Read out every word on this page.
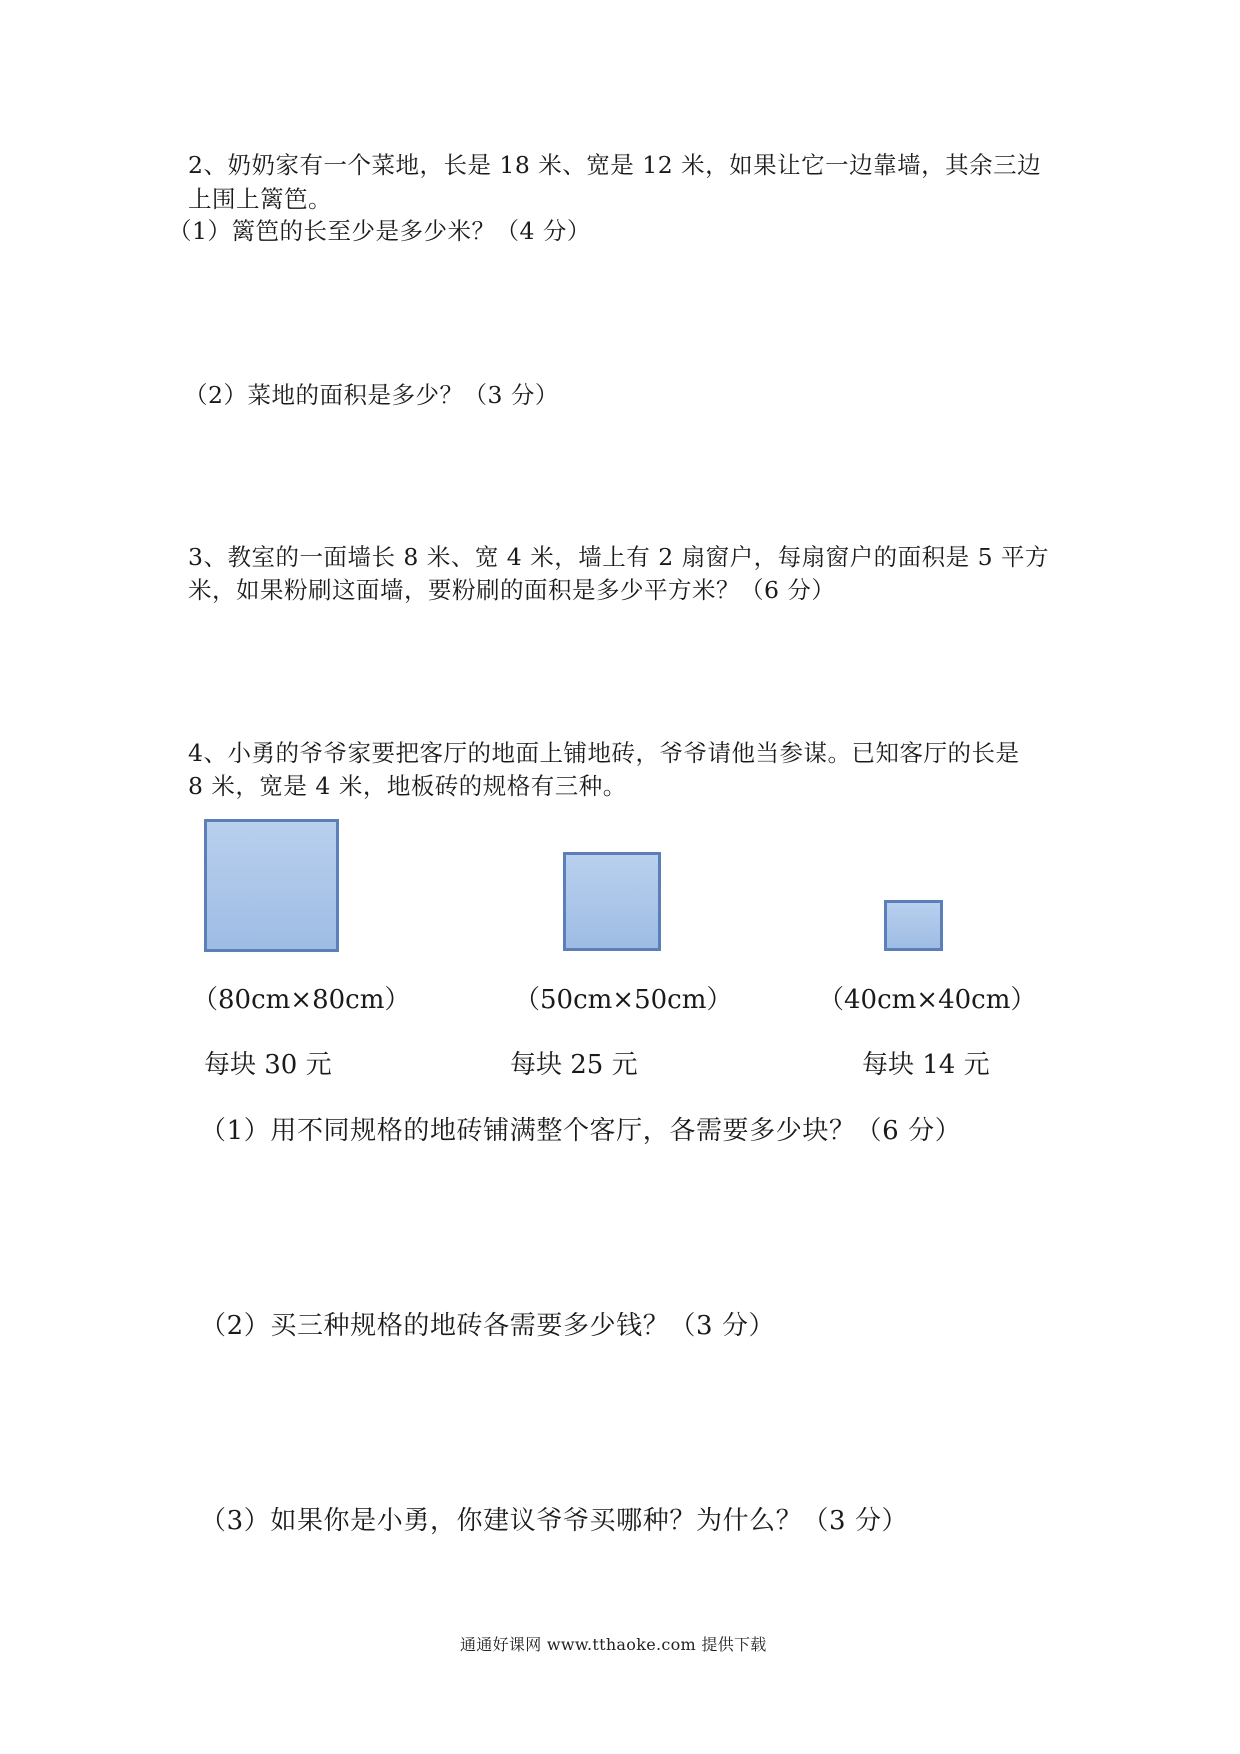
2、奶奶家有一个菜地，长是 18 米、宽是 12 米，如果让它一边靠墙，其余三边

上围上篱笆。

（1）篱笆的长至少是多少米？（4 分）

（2）菜地的面积是多少？（3 分）

3、教室的一面墙长 8 米、宽 4 米，墙上有 2 扇窗户，每扇窗户的面积是 5 平方

米，如果粉刷这面墙，要粉刷的面积是多少平方米？（6 分）

4、小勇的爷爷家要把客厅的地面上铺地砖，爷爷请他当参谋。已知客厅的长是

8 米，宽是 4 米，地板砖的规格有三种。

（80cm×80cm）	（50cm×50cm）	（40cm×40cm）

每块 30 元	每块 25 元	每块 14 元

（1）用不同规格的地砖铺满整个客厅，各需要多少块？（6 分）

（2）买三种规格的地砖各需要多少钱？（3 分）

（3）如果你是小勇，你建议爷爷买哪种？为什么？（3 分）

通通好课网 www.tthaoke.com 提供下载
